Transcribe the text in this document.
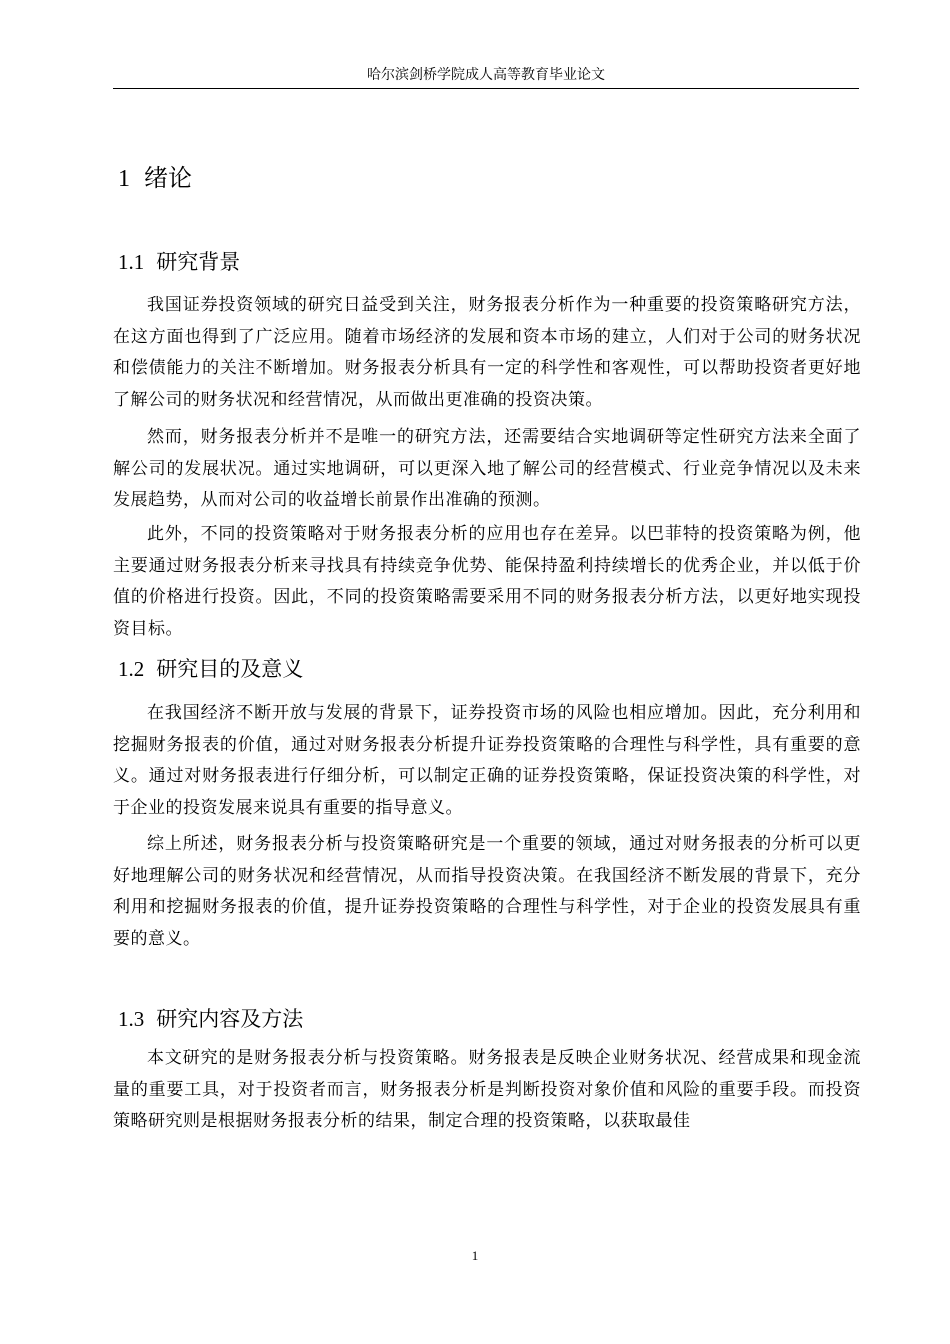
哈尔滨剑桥学院成人高等教育毕业论文
1 绪论
1.1 研究背景

我国证券投资领域的研究日益受到关注，财务报表分析作为一种重要的投资策略研究方法，在这方面也得到了广泛应用。随着市场经济的发展和资本市场的建立，人们对于公司的财务状况和偿债能力的关注不断增加。财务报表分析具有一定的科学性和客观性，可以帮助投资者更好地了解公司的财务状况和经营情况，从而做出更准确的投资决策。

然而，财务报表分析并不是唯一的研究方法，还需要结合实地调研等定性研究方法来全面了解公司的发展状况。通过实地调研，可以更深入地了解公司的经营模式、行业竞争情况以及未来发展趋势，从而对公司的收益增长前景作出准确的预测。

此外，不同的投资策略对于财务报表分析的应用也存在差异。以巴菲特的投资策略为例，他主要通过财务报表分析来寻找具有持续竞争优势、能保持盈利持续增长的优秀企业，并以低于价值的价格进行投资。因此，不同的投资策略需要采用不同的财务报表分析方法，以更好地实现投资目标。

1.2 研究目的及意义

在我国经济不断开放与发展的背景下，证券投资市场的风险也相应增加。因此，充分利用和挖掘财务报表的价值，通过对财务报表分析提升证券投资策略的合理性与科学性，具有重要的意义。通过对财务报表进行仔细分析，可以制定正确的证券投资策略，保证投资决策的科学性，对于企业的投资发展来说具有重要的指导意义。

综上所述，财务报表分析与投资策略研究是一个重要的领域，通过对财务报表的分析可以更好地理解公司的财务状况和经营情况，从而指导投资决策。在我国经济不断发展的背景下，充分利用和挖掘财务报表的价值，提升证券投资策略的合理性与科学性，对于企业的投资发展具有重要的意义。

1.3 研究内容及方法

本文研究的是财务报表分析与投资策略。财务报表是反映企业财务状况、经营成果和现金流量的重要工具，对于投资者而言，财务报表分析是判断投资对象价值和风险的重要手段。而投资策略研究则是根据财务报表分析的结果，制定合理的投资策略，以获取最佳

1
